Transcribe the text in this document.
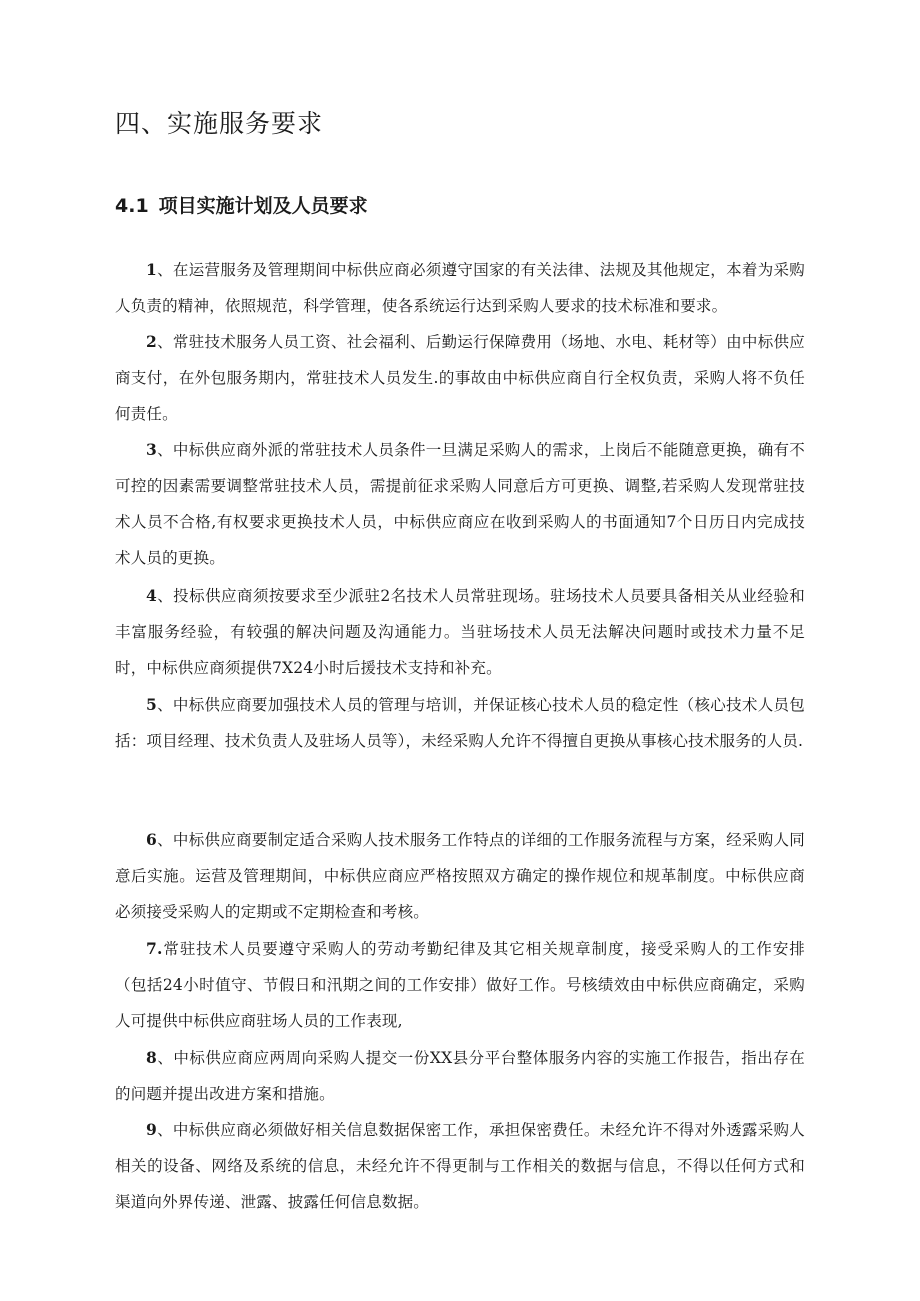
四、实施服务要求
4.1 项目实施计划及人员要求

1、在运营服务及管理期间中标供应商必须遵守国家的有关法律、法规及其他规定，本着为采购人负责的精神，依照规范，科学管理，使各系统运行达到采购人要求的技术标准和要求。

2、常驻技术服务人员工资、社会福利、后勤运行保障费用（场地、水电、耗材等）由中标供应商支付，在外包服务期内，常驻技术人员发生.的事故由中标供应商自行全权负责，采购人将不负任何责任。

3、中标供应商外派的常驻技术人员条件一旦满足采购人的需求，上岗后不能随意更换，确有不可控的因素需要调整常驻技术人员，需提前征求采购人同意后方可更换、调整,若采购人发现常驻技术人员不合格,有权要求更换技术人员，中标供应商应在收到采购人的书面通知7个日历日内完成技术人员的更换。

4、投标供应商须按要求至少派驻2名技术人员常驻现场。驻场技术人员要具备相关从业经验和丰富服务经验，有较强的解决问题及沟通能力。当驻场技术人员无法解决问题时或技术力量不足时，中标供应商须提供7X24小时后援技术支持和补充。

5、中标供应商要加强技术人员的管理与培训，并保证核心技术人员的稳定性（核心技术人员包括：项目经理、技术负责人及驻场人员等），未经采购人允许不得擅自更换从事核心技术服务的人员.

6、中标供应商要制定适合采购人技术服务工作特点的详细的工作服务流程与方案，经采购人同意后实施。运营及管理期间，中标供应商应严格按照双方确定的操作规位和规革制度。中标供应商必须接受采购人的定期或不定期检查和考核。

7.常驻技术人员要遵守采购人的劳动考勤纪律及其它相关规章制度，接受采购人的工作安排（包括24小时值守、节假日和汛期之间的工作安排）做好工作。号核绩效由中标供应商确定，采购人可提供中标供应商驻场人员的工作表现,

8、中标供应商应两周向采购人提交一份XX县分平台整体服务内容的实施工作报告，指出存在的问题并提出改进方案和措施。

9、中标供应商必须做好相关信息数据保密工作，承担保密费任。未经允许不得对外透露采购人相关的设备、网络及系统的信息，未经允许不得更制与工作相关的数据与信息，不得以任何方式和渠道向外界传递、泄露、披露任何信息数据。
